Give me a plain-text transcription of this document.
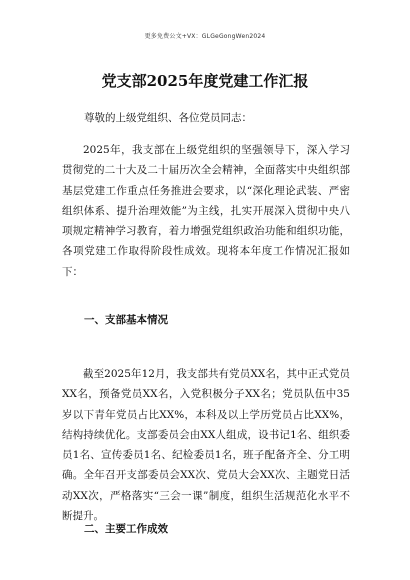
更多免费公文+VX：GLGeGongWen2024
党支部2025年度党建工作汇报
尊敬的上级党组织、各位党员同志：

2025年，我支部在上级党组织的坚强领导下，深入学习贯彻党的二十大及二十届历次全会精神，全面落实中央组织部基层党建工作重点任务推进会要求，以“深化理论武装、严密组织体系、提升治理效能”为主线，扎实开展深入贯彻中央八项规定精神学习教育，着力增强党组织政治功能和组织功能，各项党建工作取得阶段性成效。现将本年度工作情况汇报如下：

一、支部基本情况

截至2025年12月，我支部共有党员XX名，其中正式党员XX名，预备党员XX名，入党积极分子XX名；党员队伍中35岁以下青年党员占比XX%，本科及以上学历党员占比XX%，结构持续优化。支部委员会由XX人组成，设书记1名、组织委员1名、宣传委员1名、纪检委员1名，班子配备齐全、分工明确。全年召开支部委员会XX次、党员大会XX次、主题党日活动XX次，严格落实“三会一课”制度，组织生活规范化水平不断提升。

二、主要工作成效
